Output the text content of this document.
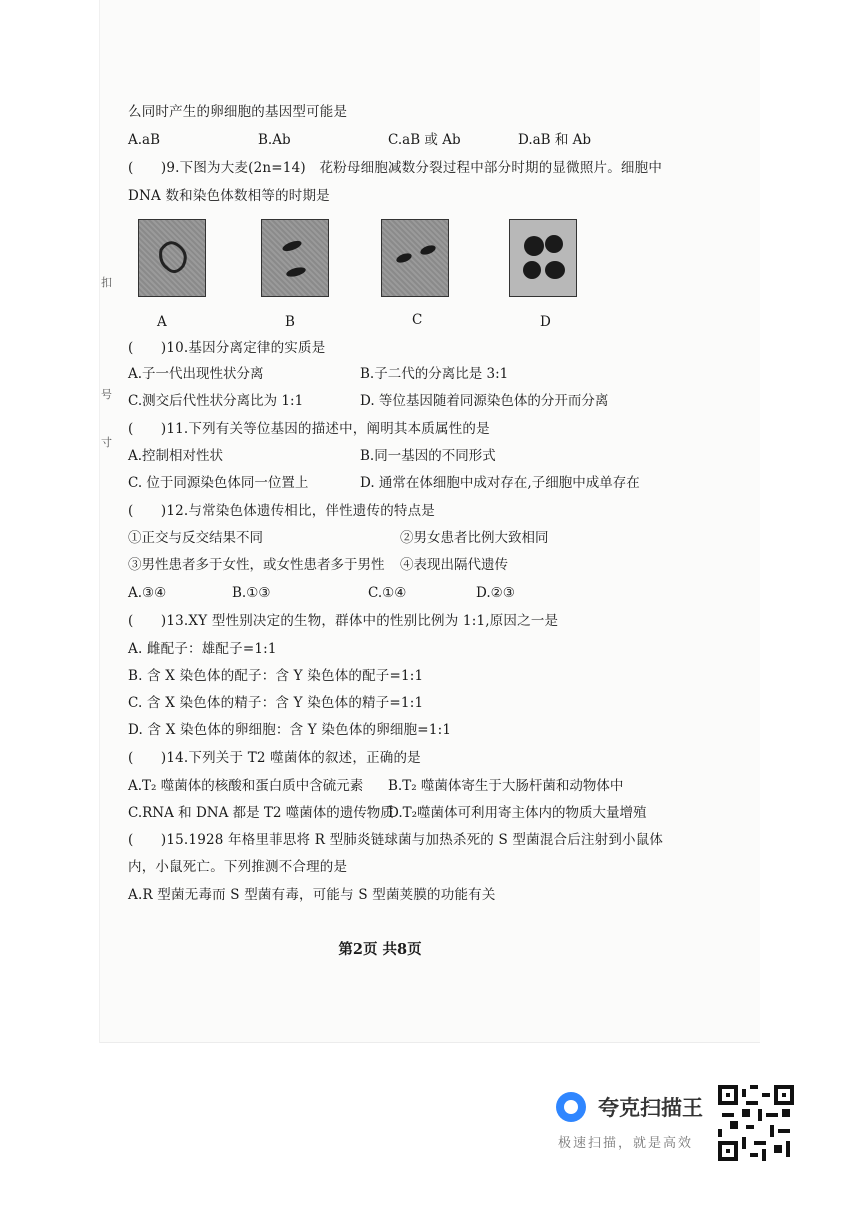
扣
号
寸
么同时产生的卵细胞的基因型可能是
A.aB	B.Ab	C.aB 或 Ab	D.aB 和 Ab
(　　)9.下图为大麦(2n=14)　花粉母细胞减数分裂过程中部分时期的显微照片。细胞中
DNA 数和染色体数相等的时期是
A	B	C	D
(　　)10.基因分离定律的实质是
A.子一代出现性状分离	B.子二代的分离比是 3:1
C.测交后代性状分离比为 1:1	D. 等位基因随着同源染色体的分开而分离
(　　)11.下列有关等位基因的描述中，阐明其本质属性的是
A.控制相对性状	B.同一基因的不同形式
C. 位于同源染色体同一位置上	D. 通常在体细胞中成对存在,子细胞中成单存在
(　　)12.与常染色体遗传相比，伴性遗传的特点是
①正交与反交结果不同	②男女患者比例大致相同
③男性患者多于女性，或女性患者多于男性 ④表现出隔代遗传
A.③④	B.①③	C.①④	D.②③
(　　)13.XY 型性别决定的生物，群体中的性别比例为 1:1,原因之一是
A. 雌配子：雄配子=1:1
B. 含 X 染色体的配子：含 Y 染色体的配子=1:1
C. 含 X 染色体的精子：含 Y 染色体的精子=1:1
D. 含 X 染色体的卵细胞：含 Y 染色体的卵细胞=1:1
(　　)14.下列关于 T2 噬菌体的叙述，正确的是
A.T₂ 噬菌体的核酸和蛋白质中含硫元素 B.T₂ 噬菌体寄生于大肠杆菌和动物体中
C.RNA 和 DNA 都是 T2 噬菌体的遗传物质
D.T₂噬菌体可利用寄主体内的物质大量增殖
(　　)15.1928 年格里菲思将 R 型肺炎链球菌与加热杀死的 S 型菌混合后注射到小鼠体
内，小鼠死亡。下列推测不合理的是
A.R 型菌无毒而 S 型菌有毒，可能与 S 型菌荚膜的功能有关
第2页 共8页
夸克扫描王
极速扫描，就是高效
